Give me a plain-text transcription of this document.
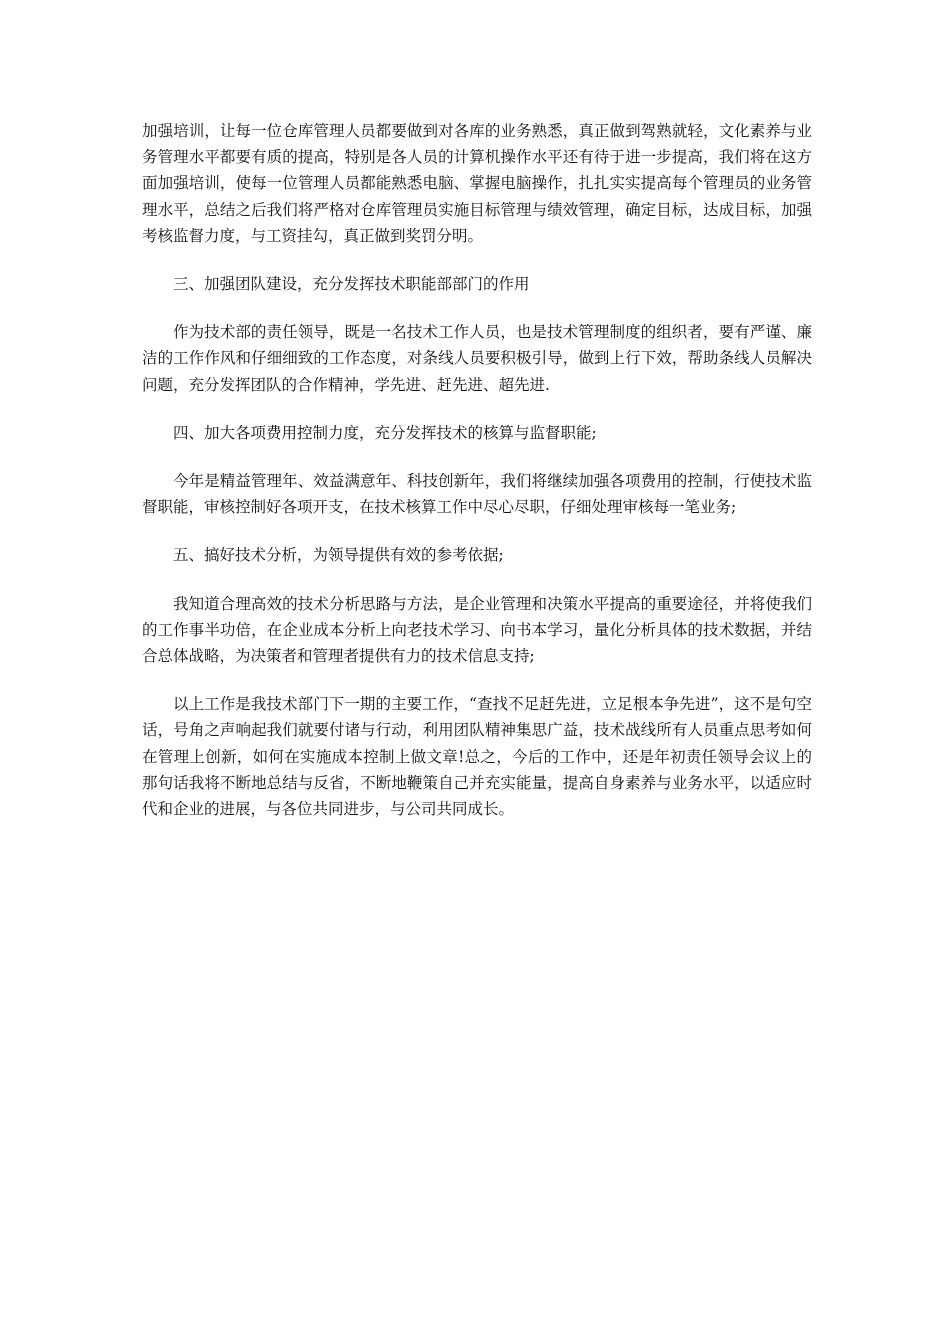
加强培训，让每一位仓库管理人员都要做到对各库的业务熟悉，真正做到驾熟就轻，文化素养与业务管理水平都要有质的提高，特别是各人员的计算机操作水平还有待于进一步提高，我们将在这方面加强培训，使每一位管理人员都能熟悉电脑、掌握电脑操作，扎扎实实提高每个管理员的业务管理水平，总结之后我们将严格对仓库管理员实施目标管理与绩效管理，确定目标，达成目标，加强考核监督力度，与工资挂勾，真正做到奖罚分明。

三、加强团队建设，充分发挥技术职能部部门的作用

作为技术部的责任领导，既是一名技术工作人员，也是技术管理制度的组织者，要有严谨、廉洁的工作作风和仔细细致的工作态度，对条线人员要积极引导，做到上行下效，帮助条线人员解决问题，充分发挥团队的合作精神，学先进、赶先进、超先进.

四、加大各项费用控制力度，充分发挥技术的核算与监督职能;

今年是精益管理年、效益满意年、科技创新年，我们将继续加强各项费用的控制，行使技术监督职能，审核控制好各项开支，在技术核算工作中尽心尽职，仔细处理审核每一笔业务;

五、搞好技术分析，为领导提供有效的参考依据;

我知道合理高效的技术分析思路与方法，是企业管理和决策水平提高的重要途径，并将使我们的工作事半功倍，在企业成本分析上向老技术学习、向书本学习，量化分析具体的技术数据，并结合总体战略，为决策者和管理者提供有力的技术信息支持;

以上工作是我技术部门下一期的主要工作，“查找不足赶先进，立足根本争先进”，这不是句空话，号角之声响起我们就要付诸与行动，利用团队精神集思广益，技术战线所有人员重点思考如何在管理上创新，如何在实施成本控制上做文章!总之，今后的工作中，还是年初责任领导会议上的那句话我将不断地总结与反省，不断地鞭策自己并充实能量，提高自身素养与业务水平，以适应时代和企业的进展，与各位共同进步，与公司共同成长。
